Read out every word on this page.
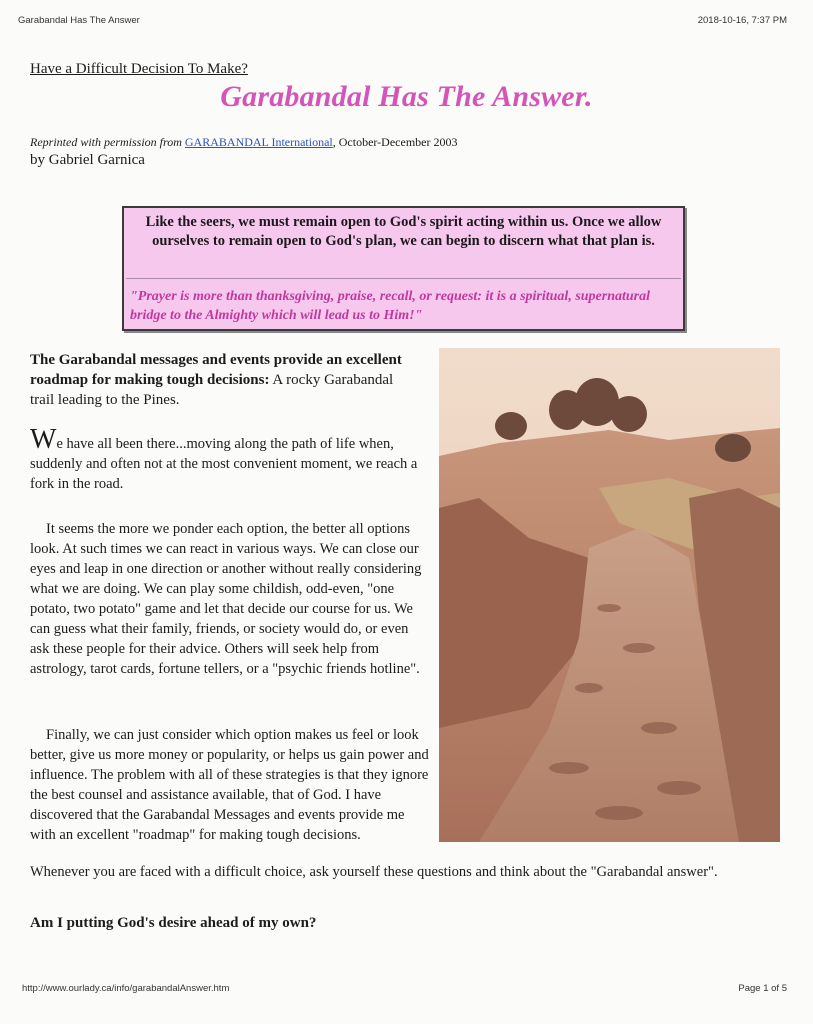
Garabandal Has The Answer	2018-10-16, 7:37 PM
Have a Difficult Decision To Make?
Garabandal Has The Answer.
Reprinted with permission from GARABANDAL International, October-December 2003
by Gabriel Garnica
Like the seers, we must remain open to God's spirit acting within us. Once we allow ourselves to remain open to God's plan, we can begin to discern what that plan is.
"Prayer is more than thanksgiving, praise, recall, or request: it is a spiritual, supernatural bridge to the Almighty which will lead us to Him!"
The Garabandal messages and events provide an excellent roadmap for making tough decisions: A rocky Garabandal trail leading to the Pines.
We have all been there...moving along the path of life when, suddenly and often not at the most convenient moment, we reach a fork in the road.
It seems the more we ponder each option, the better all options look. At such times we can react in various ways. We can close our eyes and leap in one direction or another without really considering what we are doing. We can play some childish, odd-even, "one potato, two potato" game and let that decide our course for us. We can guess what their family, friends, or society would do, or even ask these people for their advice. Others will seek help from astrology, tarot cards, fortune tellers, or a "psychic friends hotline".
Finally, we can just consider which option makes us feel or look better, give us more money or popularity, or helps us gain power and influence. The problem with all of these strategies is that they ignore the best counsel and assistance available, that of God. I have discovered that the Garabandal Messages and events provide me with an excellent "roadmap" for making tough decisions.
Whenever you are faced with a difficult choice, ask yourself these questions and think about the "Garabandal answer".
Am I putting God's desire ahead of my own?
http://www.ourlady.ca/info/garabandalAnswer.htm	Page 1 of 5
